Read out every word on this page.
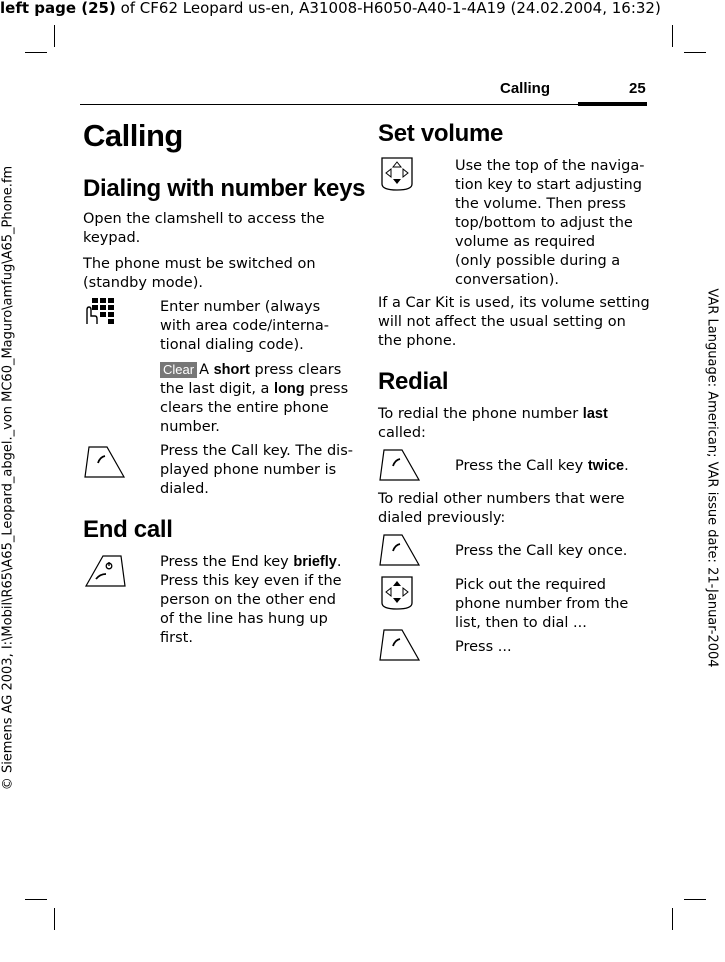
left page (25) of CF62 Leopard us-en, A31008-H6050-A40-1-4A19 (24.02.2004, 16:32)
VAR Language: American; VAR issue date: 21-Januar-2004
© Siemens AG 2003, I:\Mobil\R65\A65_Leopard_abgel._von MC60_Maguro\amfug\A65_Phone.fm
Calling	25
Calling
Dialing with number keys
Open the clamshell to access the
keypad.
The phone must be switched on
(standby mode).
Enter number (always
with area code/interna-
tional dialing code).
Clear A short press clears
the last digit, a long press
clears the entire phone
number.
Press the Call key. The dis-
played phone number is
dialed.
End call
Press the End key briefly.
Press this key even if the
person on the other end
of the line has hung up
first.
Set volume
Use the top of the naviga-
tion key to start adjusting
the volume. Then press
top/bottom to adjust the
volume as required
(only possible during a
conversation).
If a Car Kit is used, its volume setting
will not affect the usual setting on
the phone.
Redial
To redial the phone number last
called:
Press the Call key twice.
To redial other numbers that were
dialed previously:
Press the Call key once.
Pick out the required
phone number from the
list, then to dial ...
Press ...
